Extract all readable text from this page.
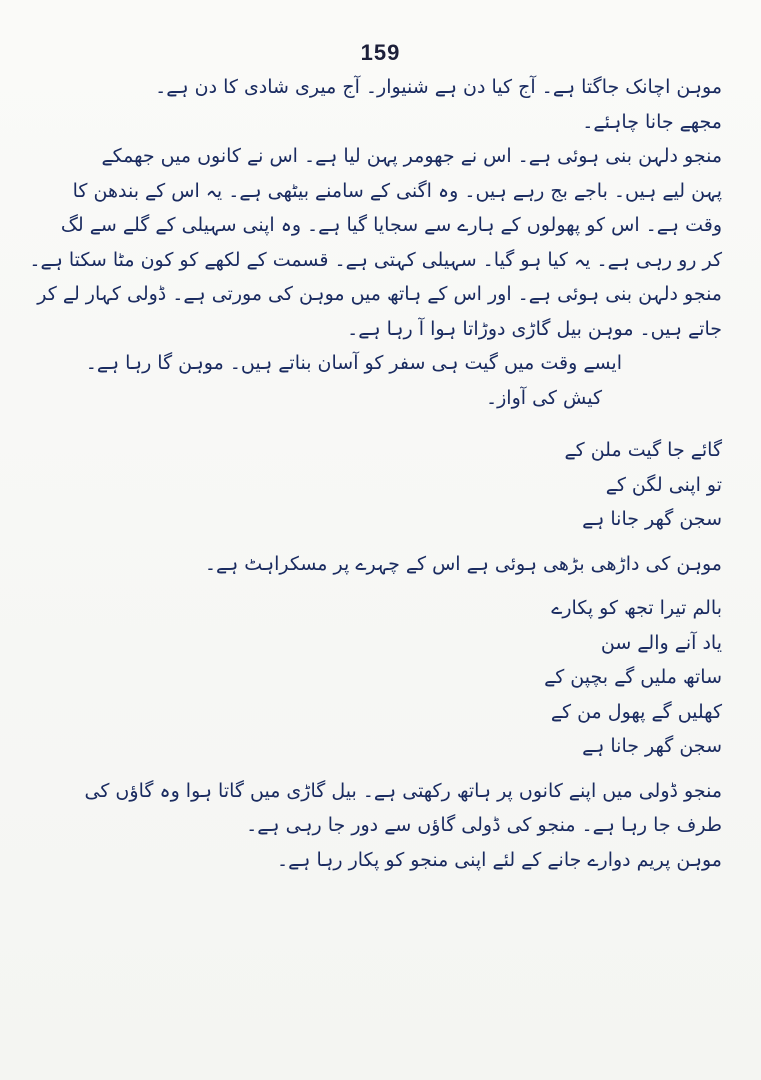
159
موہن اچانک جاگتا ہے۔ آج کیا دن ہے شنیوار۔ آج میری شادی کا دن ہے۔
مجھے جانا چاہئے۔
منجو دلہن بنی ہوئی ہے۔ اس نے جھومر پہن لیا ہے۔ اس نے کانوں میں جھمکے
پہن لیے ہیں۔ باجے بج رہے ہیں۔ وہ اگنی کے سامنے بیٹھی ہے۔ یہ اس کے بندھن کا
وقت ہے۔ اس کو پھولوں کے ہارے سے سجایا گیا ہے۔ وہ اپنی سہیلی کے گلے سے لگ
کر رو رہی ہے۔ یہ کیا ہو گیا۔ سہیلی کہتی ہے۔ قسمت کے لکھے کو کون مٹا سکتا ہے۔
منجو دلہن بنی ہوئی ہے۔ اور اس کے ہاتھ میں موہن کی مورتی ہے۔ ڈولی کہار لے کر
جاتے ہیں۔ موہن بیل گاڑی دوڑاتا ہوا آ رہا ہے۔
ایسے وقت میں گیت ہی سفر کو آسان بناتے ہیں۔ موہن گا رہا ہے۔
کیش کی آواز۔
گائے جا گیت ملن کے
تو اپنی لگن کے
سجن گھر جانا ہے
موہن کی داڑھی بڑھی ہوئی ہے اس کے چہرے پر مسکراہٹ ہے۔
بالم تیرا تجھ کو پکارے
یاد آنے والے سن
ساتھ ملیں گے بچپن کے
کھلیں گے پھول من کے
سجن گھر جانا ہے
منجو ڈولی میں اپنے کانوں پر ہاتھ رکھتی ہے۔ بیل گاڑی میں گاتا ہوا وہ گاؤں کی
طرف جا رہا ہے۔ منجو کی ڈولی گاؤں سے دور جا رہی ہے۔
موہن پریم دوارے جانے کے لئے اپنی منجو کو پکار رہا ہے۔
